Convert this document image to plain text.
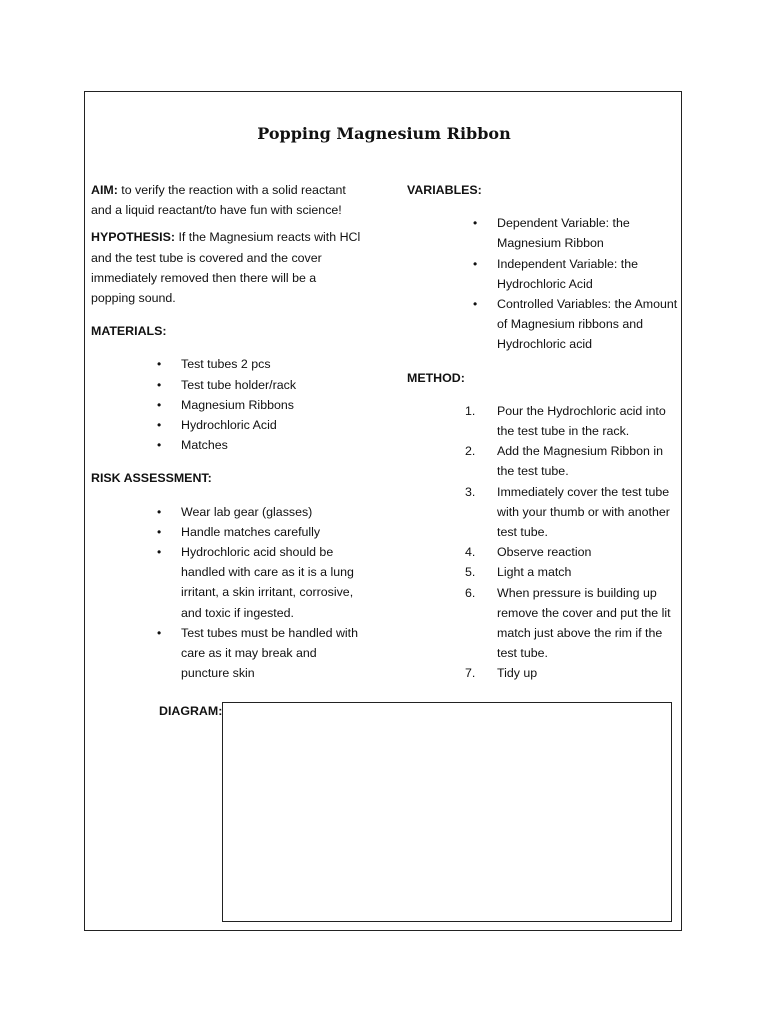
Popping Magnesium Ribbon

AIM: to verify the reaction with a solid reactant and a liquid reactant/to have fun with science!

HYPOTHESIS: If the Magnesium reacts with HCl and the test tube is covered and the cover immediately removed then there will be a popping sound.

MATERIALS:
• Test tubes 2 pcs
• Test tube holder/rack
• Magnesium Ribbons
• Hydrochloric Acid
• Matches
RISK ASSESSMENT:
• Wear lab gear (glasses)
• Handle matches carefully
• Hydrochloric acid should be handled with care as it is a lung irritant, a skin irritant, corrosive, and toxic if ingested.
• Test tubes must be handled with care as it may break and puncture skin
VARIABLES:
• Dependent Variable: the Magnesium Ribbon
• Independent Variable: the Hydrochloric Acid
• Controlled Variables: the Amount of Magnesium ribbons and Hydrochloric acid
METHOD:
1.	Pour the Hydrochloric acid into the test tube in the rack.
2.	Add the Magnesium Ribbon in the test tube.
3.	Immediately cover the test tube with your thumb or with another test tube.
4.	Observe reaction
5.	Light a match
6.	When pressure is building up remove the cover and put the lit match just above the rim if the test tube.
7.	Tidy up
DIAGRAM:
